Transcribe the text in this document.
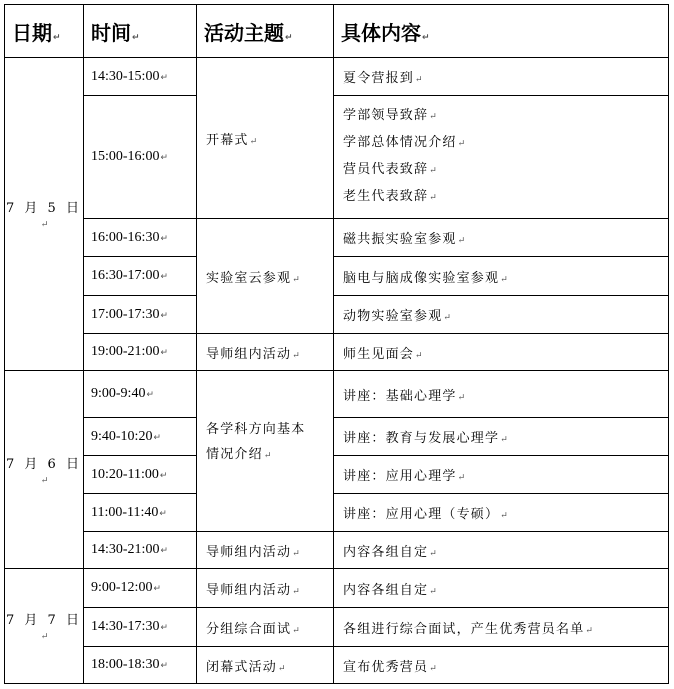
日期↵	时间↵	活动主题↵	具体内容↵
7 月 5 日↵	14:30-15:00↵	开幕式↵	夏令营报到↵
	15:00-16:00↵		学部领导致辞↵
学部总体情况介绍↵
营员代表致辞↵
老生代表致辞↵

	16:00-16:30↵	实验室云参观↵	磁共振实验室参观↵
	16:30-17:00↵		脑电与脑成像实验室参观↵
	17:00-17:30↵		动物实验室参观↵
	19:00-21:00↵	导师组内活动↵	师生见面会↵
7 月 6 日↵	9:00-9:40↵	各学科方向基本
情况介绍↵	讲座：基础心理学↵
	9:40-10:20↵		讲座：教育与发展心理学↵
	10:20-11:00↵		讲座：应用心理学↵
	11:00-11:40↵		讲座：应用心理（专硕）↵
	14:30-21:00↵	导师组内活动↵	内容各组自定↵
7 月 7 日↵	9:00-12:00↵	导师组内活动↵	内容各组自定↵
	14:30-17:30↵	分组综合面试↵	各组进行综合面试，产生优秀营员名单↵
	18:00-18:30↵	闭幕式活动↵	宣布优秀营员↵
